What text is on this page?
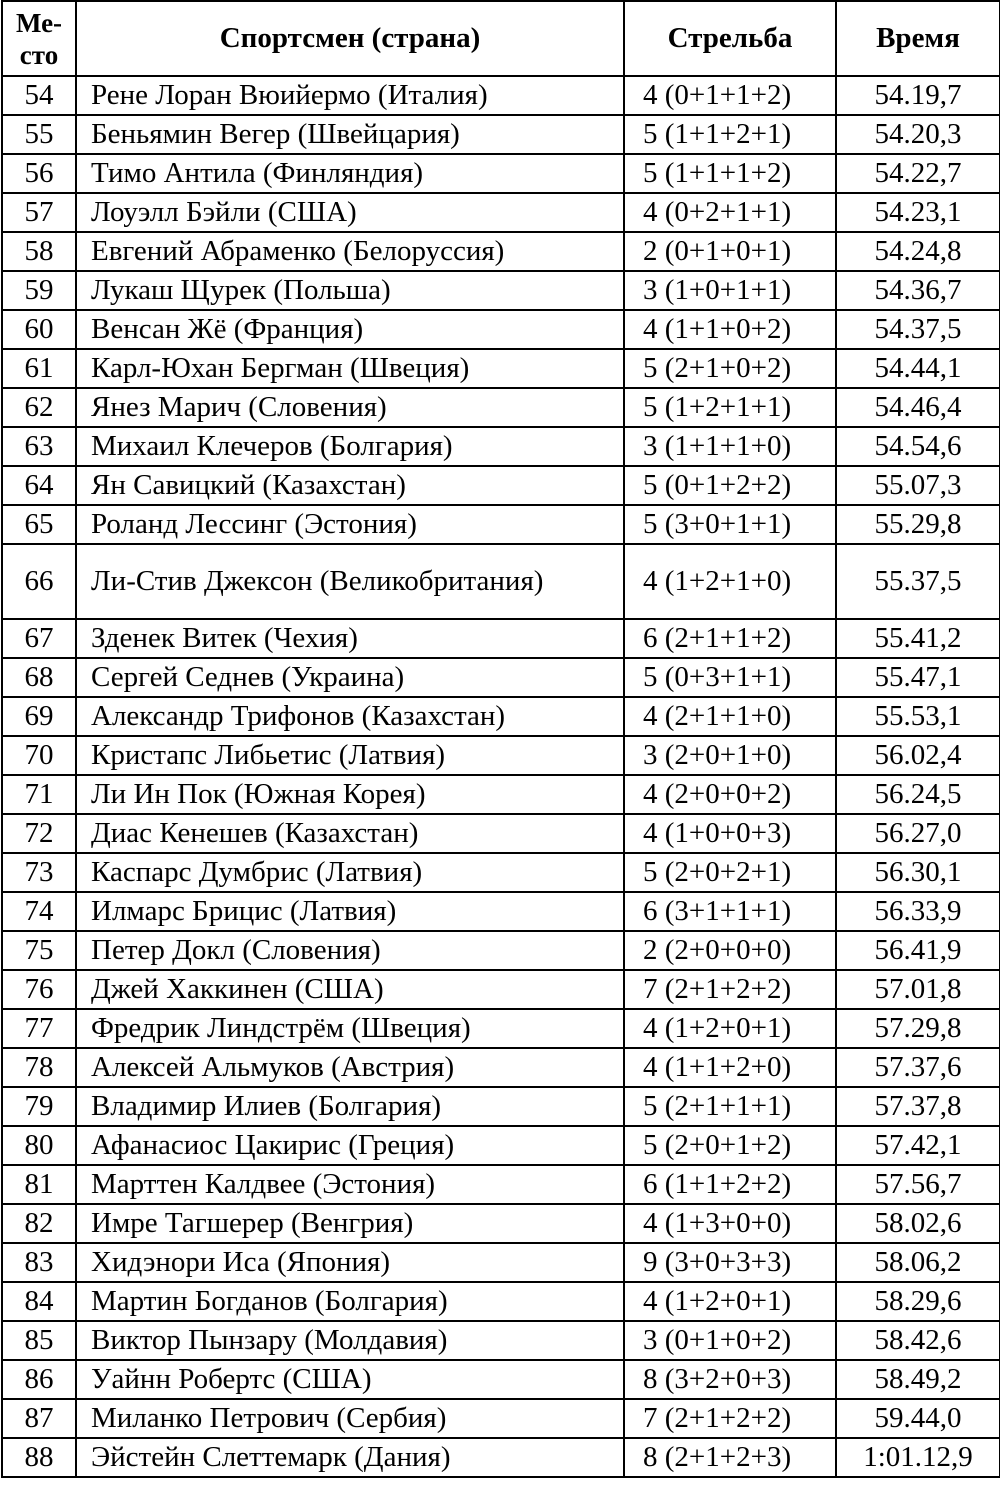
Ме-
сто	Спортсмен (страна)	Стрельба	Время
54	Рене Лоран Вюийермо (Италия)	4 (0+1+1+2)	54.19,7
55	Беньямин Вегер (Швейцария)	5 (1+1+2+1)	54.20,3
56	Тимо Антила (Финляндия)	5 (1+1+1+2)	54.22,7
57	Лоуэлл Бэйли (США)	4 (0+2+1+1)	54.23,1
58	Евгений Абраменко (Белоруссия)	2 (0+1+0+1)	54.24,8
59	Лукаш Щурек (Польша)	3 (1+0+1+1)	54.36,7
60	Венсан Жё (Франция)	4 (1+1+0+2)	54.37,5
61	Карл-Юхан Бергман (Швеция)	5 (2+1+0+2)	54.44,1
62	Янез Марич (Словения)	5 (1+2+1+1)	54.46,4
63	Михаил Клечеров (Болгария)	3 (1+1+1+0)	54.54,6
64	Ян Савицкий (Казахстан)	5 (0+1+2+2)	55.07,3
65	Роланд Лессинг (Эстония)	5 (3+0+1+1)	55.29,8
66	Ли-Стив Джексон (Великобритания)	4 (1+2+1+0)	55.37,5
67	Зденек Витек (Чехия)	6 (2+1+1+2)	55.41,2
68	Сергей Седнев (Украина)	5 (0+3+1+1)	55.47,1
69	Александр Трифонов (Казахстан)	4 (2+1+1+0)	55.53,1
70	Кристапс Либьетис (Латвия)	3 (2+0+1+0)	56.02,4
71	Ли Ин Пок (Южная Корея)	4 (2+0+0+2)	56.24,5
72	Диас Кенешев (Казахстан)	4 (1+0+0+3)	56.27,0
73	Каспарс Думбрис (Латвия)	5 (2+0+2+1)	56.30,1
74	Илмарс Брицис (Латвия)	6 (3+1+1+1)	56.33,9
75	Петер Докл (Словения)	2 (2+0+0+0)	56.41,9
76	Джей Хаккинен (США)	7 (2+1+2+2)	57.01,8
77	Фредрик Линдстрём (Швеция)	4 (1+2+0+1)	57.29,8
78	Алексей Альмуков (Австрия)	4 (1+1+2+0)	57.37,6
79	Владимир Илиев (Болгария)	5 (2+1+1+1)	57.37,8
80	Афанасиос Цакирис (Греция)	5 (2+0+1+2)	57.42,1
81	Марттен Калдвее (Эстония)	6 (1+1+2+2)	57.56,7
82	Имре Тагшерер (Венгрия)	4 (1+3+0+0)	58.02,6
83	Хидэнори Иса (Япония)	9 (3+0+3+3)	58.06,2
84	Мартин Богданов (Болгария)	4 (1+2+0+1)	58.29,6
85	Виктор Пынзару (Молдавия)	3 (0+1+0+2)	58.42,6
86	Уайнн Робертс (США)	8 (3+2+0+3)	58.49,2
87	Миланко Петрович (Сербия)	7 (2+1+2+2)	59.44,0
88	Эйстейн Слеттемарк (Дания)	8 (2+1+2+3)	1:01.12,9
